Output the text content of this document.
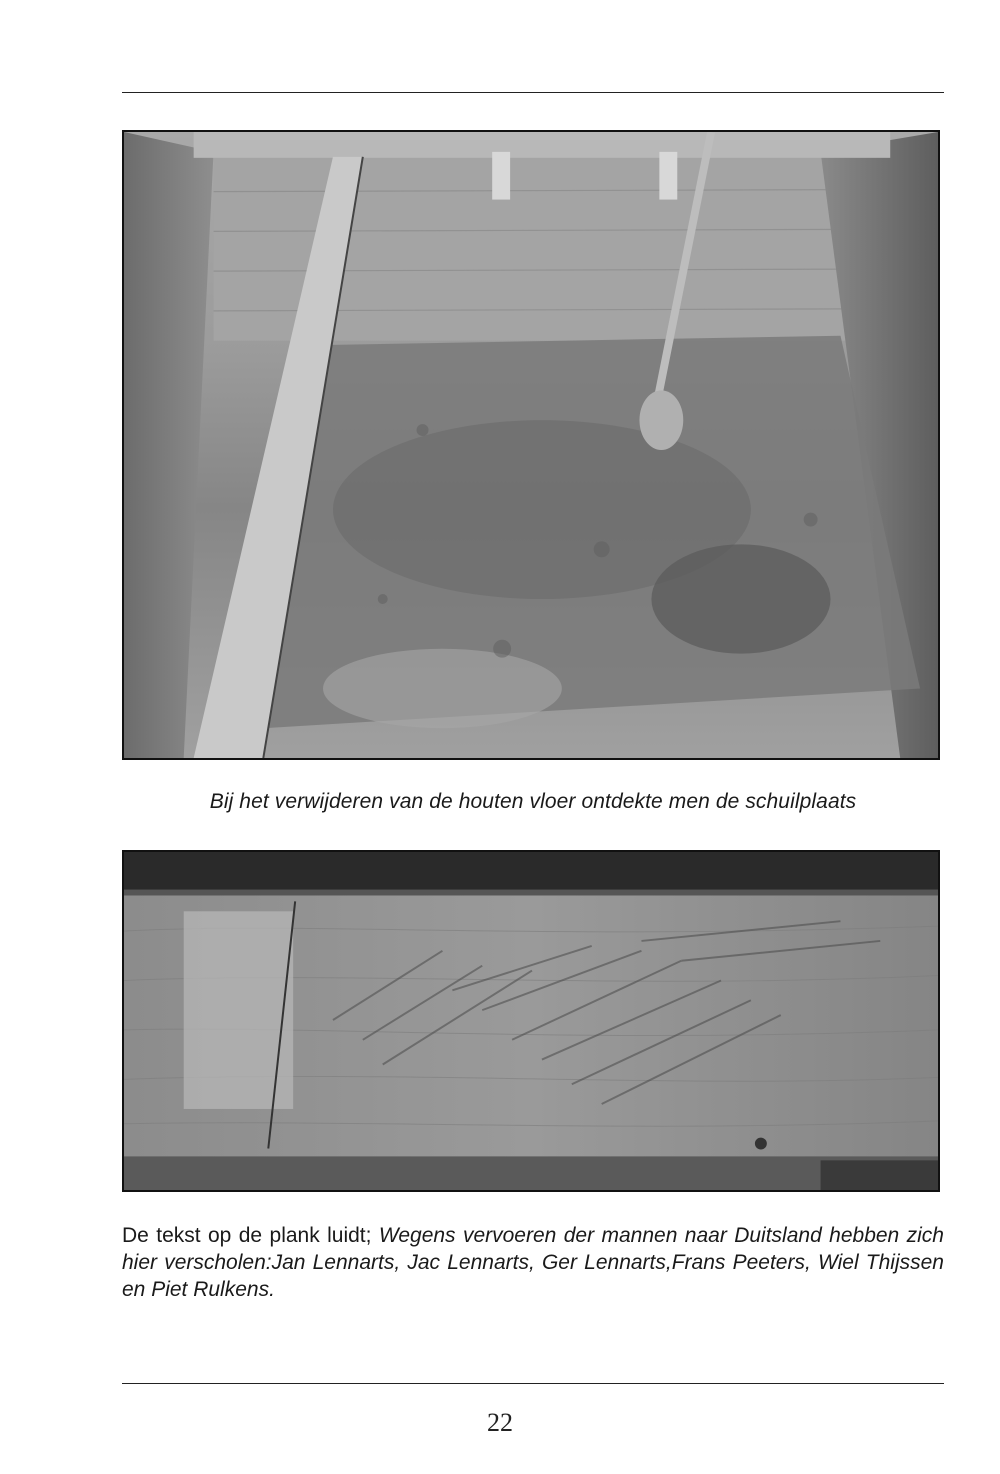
Bij het verwijderen van de houten vloer ontdekte men de schuilplaats
De tekst op de plank luidt; Wegens vervoeren der mannen naar Duitsland hebben zich hier verscholen:Jan Lennarts, Jac Lennarts, Ger Lennarts,Frans Peeters, Wiel Thijssen en Piet Rulkens.
22
